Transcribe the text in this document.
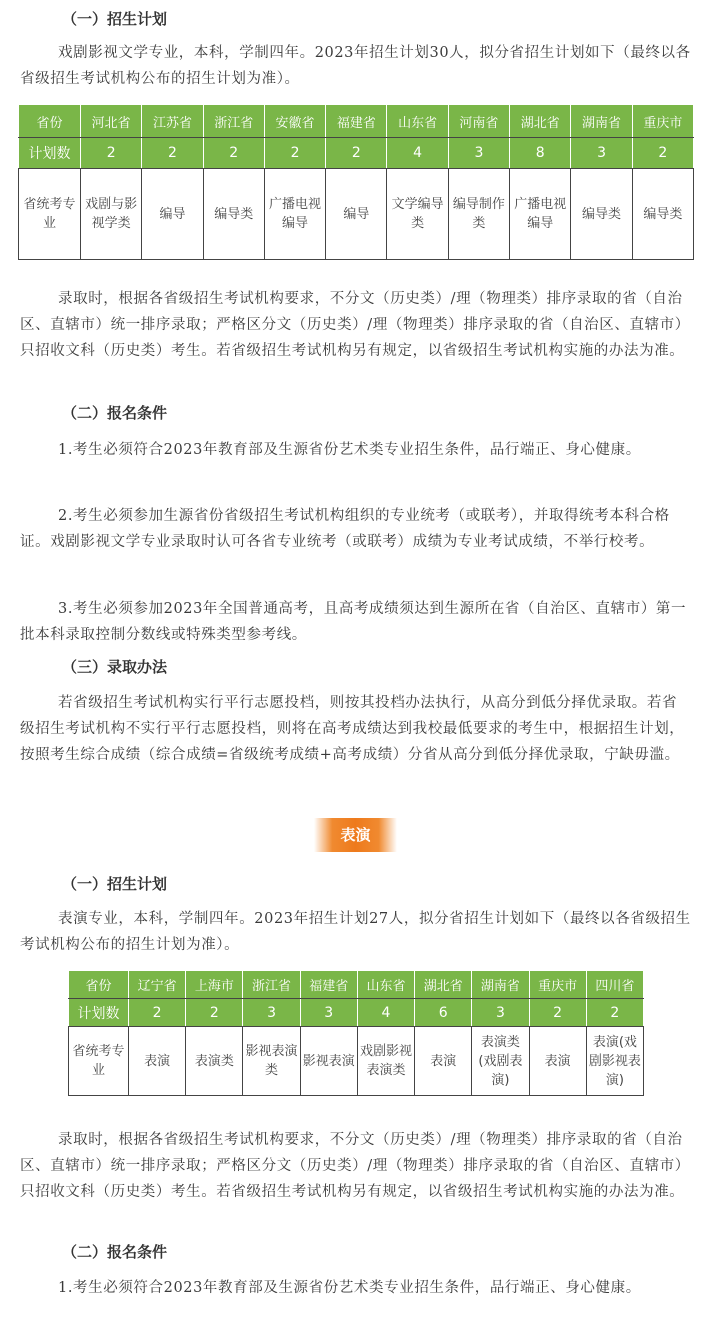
（一）招生计划

戏剧影视文学专业，本科，学制四年。2023年招生计划30人，拟分省招生计划如下（最终以各省级招生考试机构公布的招生计划为准）。

省份	河北省	江苏省	浙江省	安徽省	福建省	山东省	河南省	湖北省	湖南省	重庆市
计划数	2	2	2	2	2	4	3	8	3	2
省统考专业	戏剧与影视学类	编导	编导类	广播电视编导	编导	文学编导类	编导制作类	广播电视编导	编导类	编导类

录取时，根据各省级招生考试机构要求，不分文（历史类）/理（物理类）排序录取的省（自治区、直辖市）统一排序录取；严格区分文（历史类）/理（物理类）排序录取的省（自治区、直辖市）只招收文科（历史类）考生。若省级招生考试机构另有规定，以省级招生考试机构实施的办法为准。

（二）报名条件

1.考生必须符合2023年教育部及生源省份艺术类专业招生条件，品行端正、身心健康。

2.考生必须参加生源省份省级招生考试机构组织的专业统考（或联考），并取得统考本科合格证。戏剧影视文学专业录取时认可各省专业统考（或联考）成绩为专业考试成绩，不举行校考。

3.考生必须参加2023年全国普通高考，且高考成绩须达到生源所在省（自治区、直辖市）第一批本科录取控制分数线或特殊类型参考线。

（三）录取办法

若省级招生考试机构实行平行志愿投档，则按其投档办法执行，从高分到低分择优录取。若省级招生考试机构不实行平行志愿投档，则将在高考成绩达到我校最低要求的考生中，根据招生计划，按照考生综合成绩（综合成绩=省级统考成绩+高考成绩）分省从高分到低分择优录取，宁缺毋滥。

表演
（一）招生计划

表演专业，本科，学制四年。2023年招生计划27人，拟分省招生计划如下（最终以各省级招生考试机构公布的招生计划为准）。

省份	辽宁省	上海市	浙江省	福建省	山东省	湖北省	湖南省	重庆市	四川省
计划数	2	2	3	3	4	6	3	2	2
省统考专业	表演	表演类	影视表演类	影视表演	戏剧影视表演类	表演	表演类(戏剧表演)	表演	表演(戏剧影视表演)

录取时，根据各省级招生考试机构要求，不分文（历史类）/理（物理类）排序录取的省（自治区、直辖市）统一排序录取；严格区分文（历史类）/理（物理类）排序录取的省（自治区、直辖市）只招收文科（历史类）考生。若省级招生考试机构另有规定，以省级招生考试机构实施的办法为准。

（二）报名条件

1.考生必须符合2023年教育部及生源省份艺术类专业招生条件，品行端正、身心健康。
